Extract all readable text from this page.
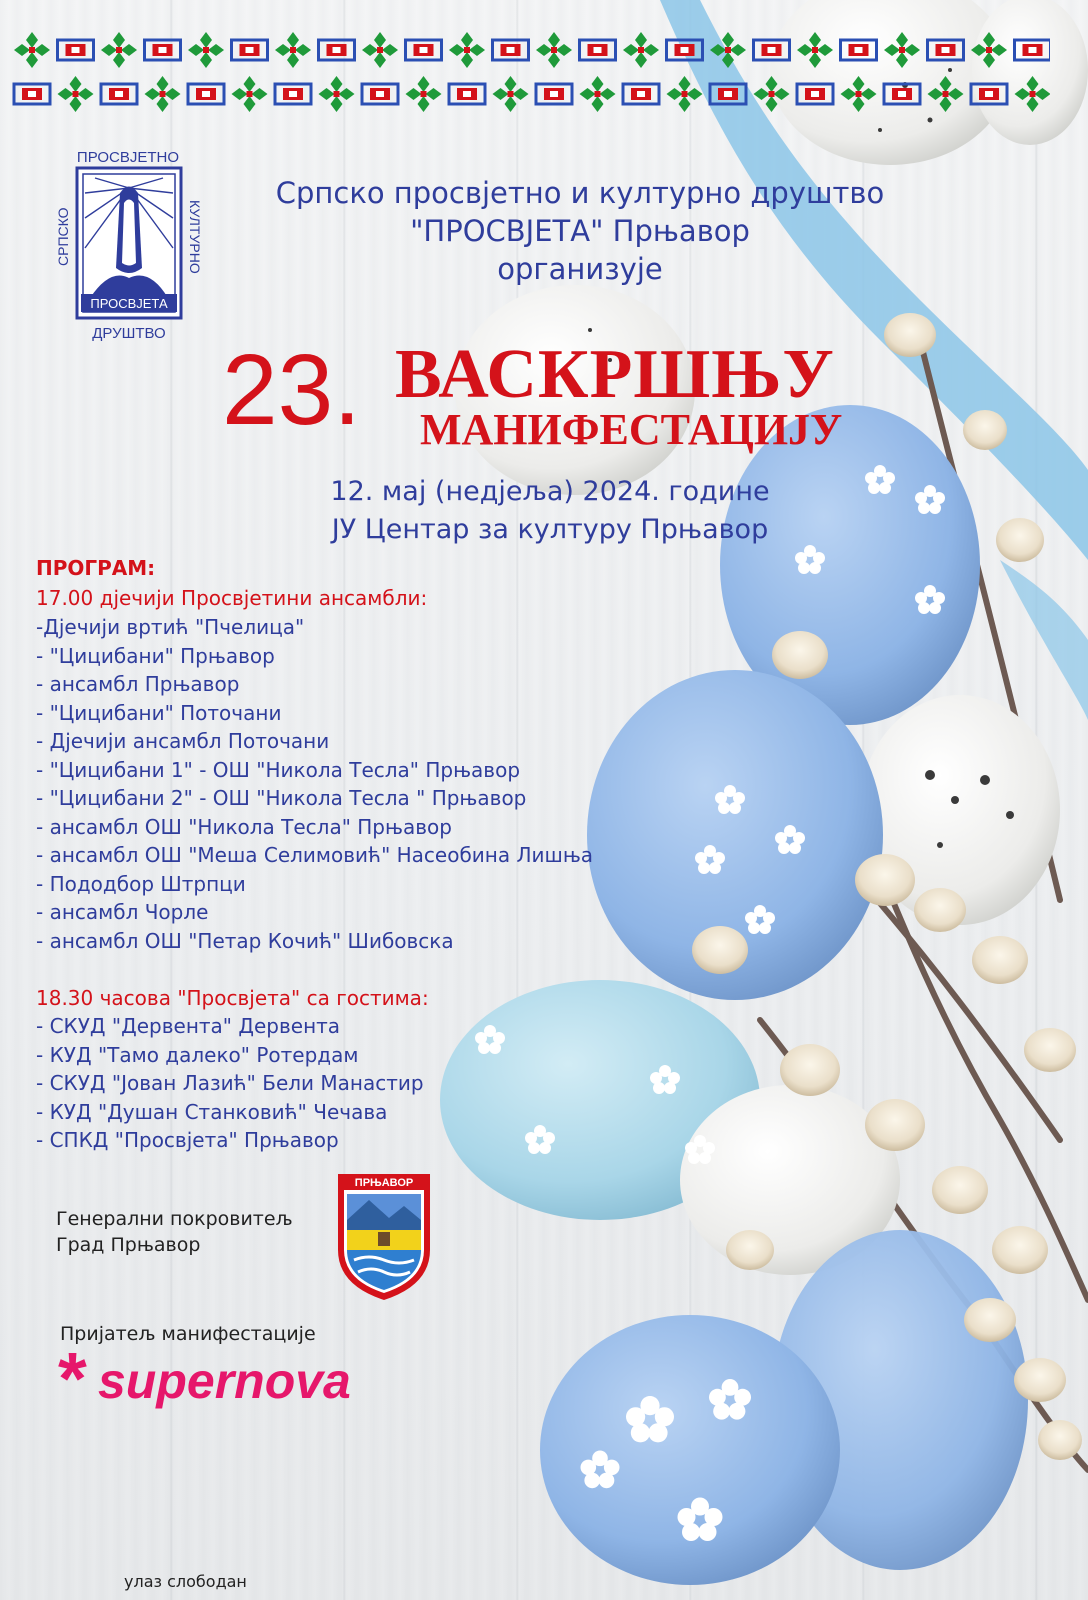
ПРОСВЈЕТНО
ПРОСВЈЕТА
СРПСКО	КУЛТУРНО
ДРУШТВО
Српско просвјетно и културно друштво
"ПРОСВЈЕТА" Прњавор
организује
23. ВАСКРШЊУ
МАНИФЕСТАЦИЈУ
12. мај (недјеља) 2024. године
ЈУ Центар за културу Прњавор
ПРОГРАМ:
17.00 дјечији Просвјетини ансамбли:
-Дјечији вртић "Пчелица"
- "Цицибани" Прњавор
- ансамбл Прњавор
- "Цицибани" Поточани
- Дјечији ансамбл Поточани
- "Цицибани 1" - ОШ "Никола Тесла" Прњавор
- "Цицибани 2" - ОШ "Никола Тесла " Прњавор
- ансамбл ОШ "Никола Тесла" Прњавор
- ансамбл ОШ "Меша Селимовић" Насеобина Лишња
- Пододбор Штрпци
- ансамбл Чорле
- ансамбл ОШ "Петар Кочић" Шибовска
18.30 часова "Просвјета" са гостима:
- СКУД "Дервента" Дервента
- КУД "Тамо далеко" Ротердам
- СКУД "Јован Лазић" Бели Манастир
- КУД "Душан Станковић" Чечава
- СПКД "Просвјета" Прњавор
Генерални покровитељ
Град Прњавор
ПРЊАВОР
Пријатељ манифестације
* supernova
улаз слободан
